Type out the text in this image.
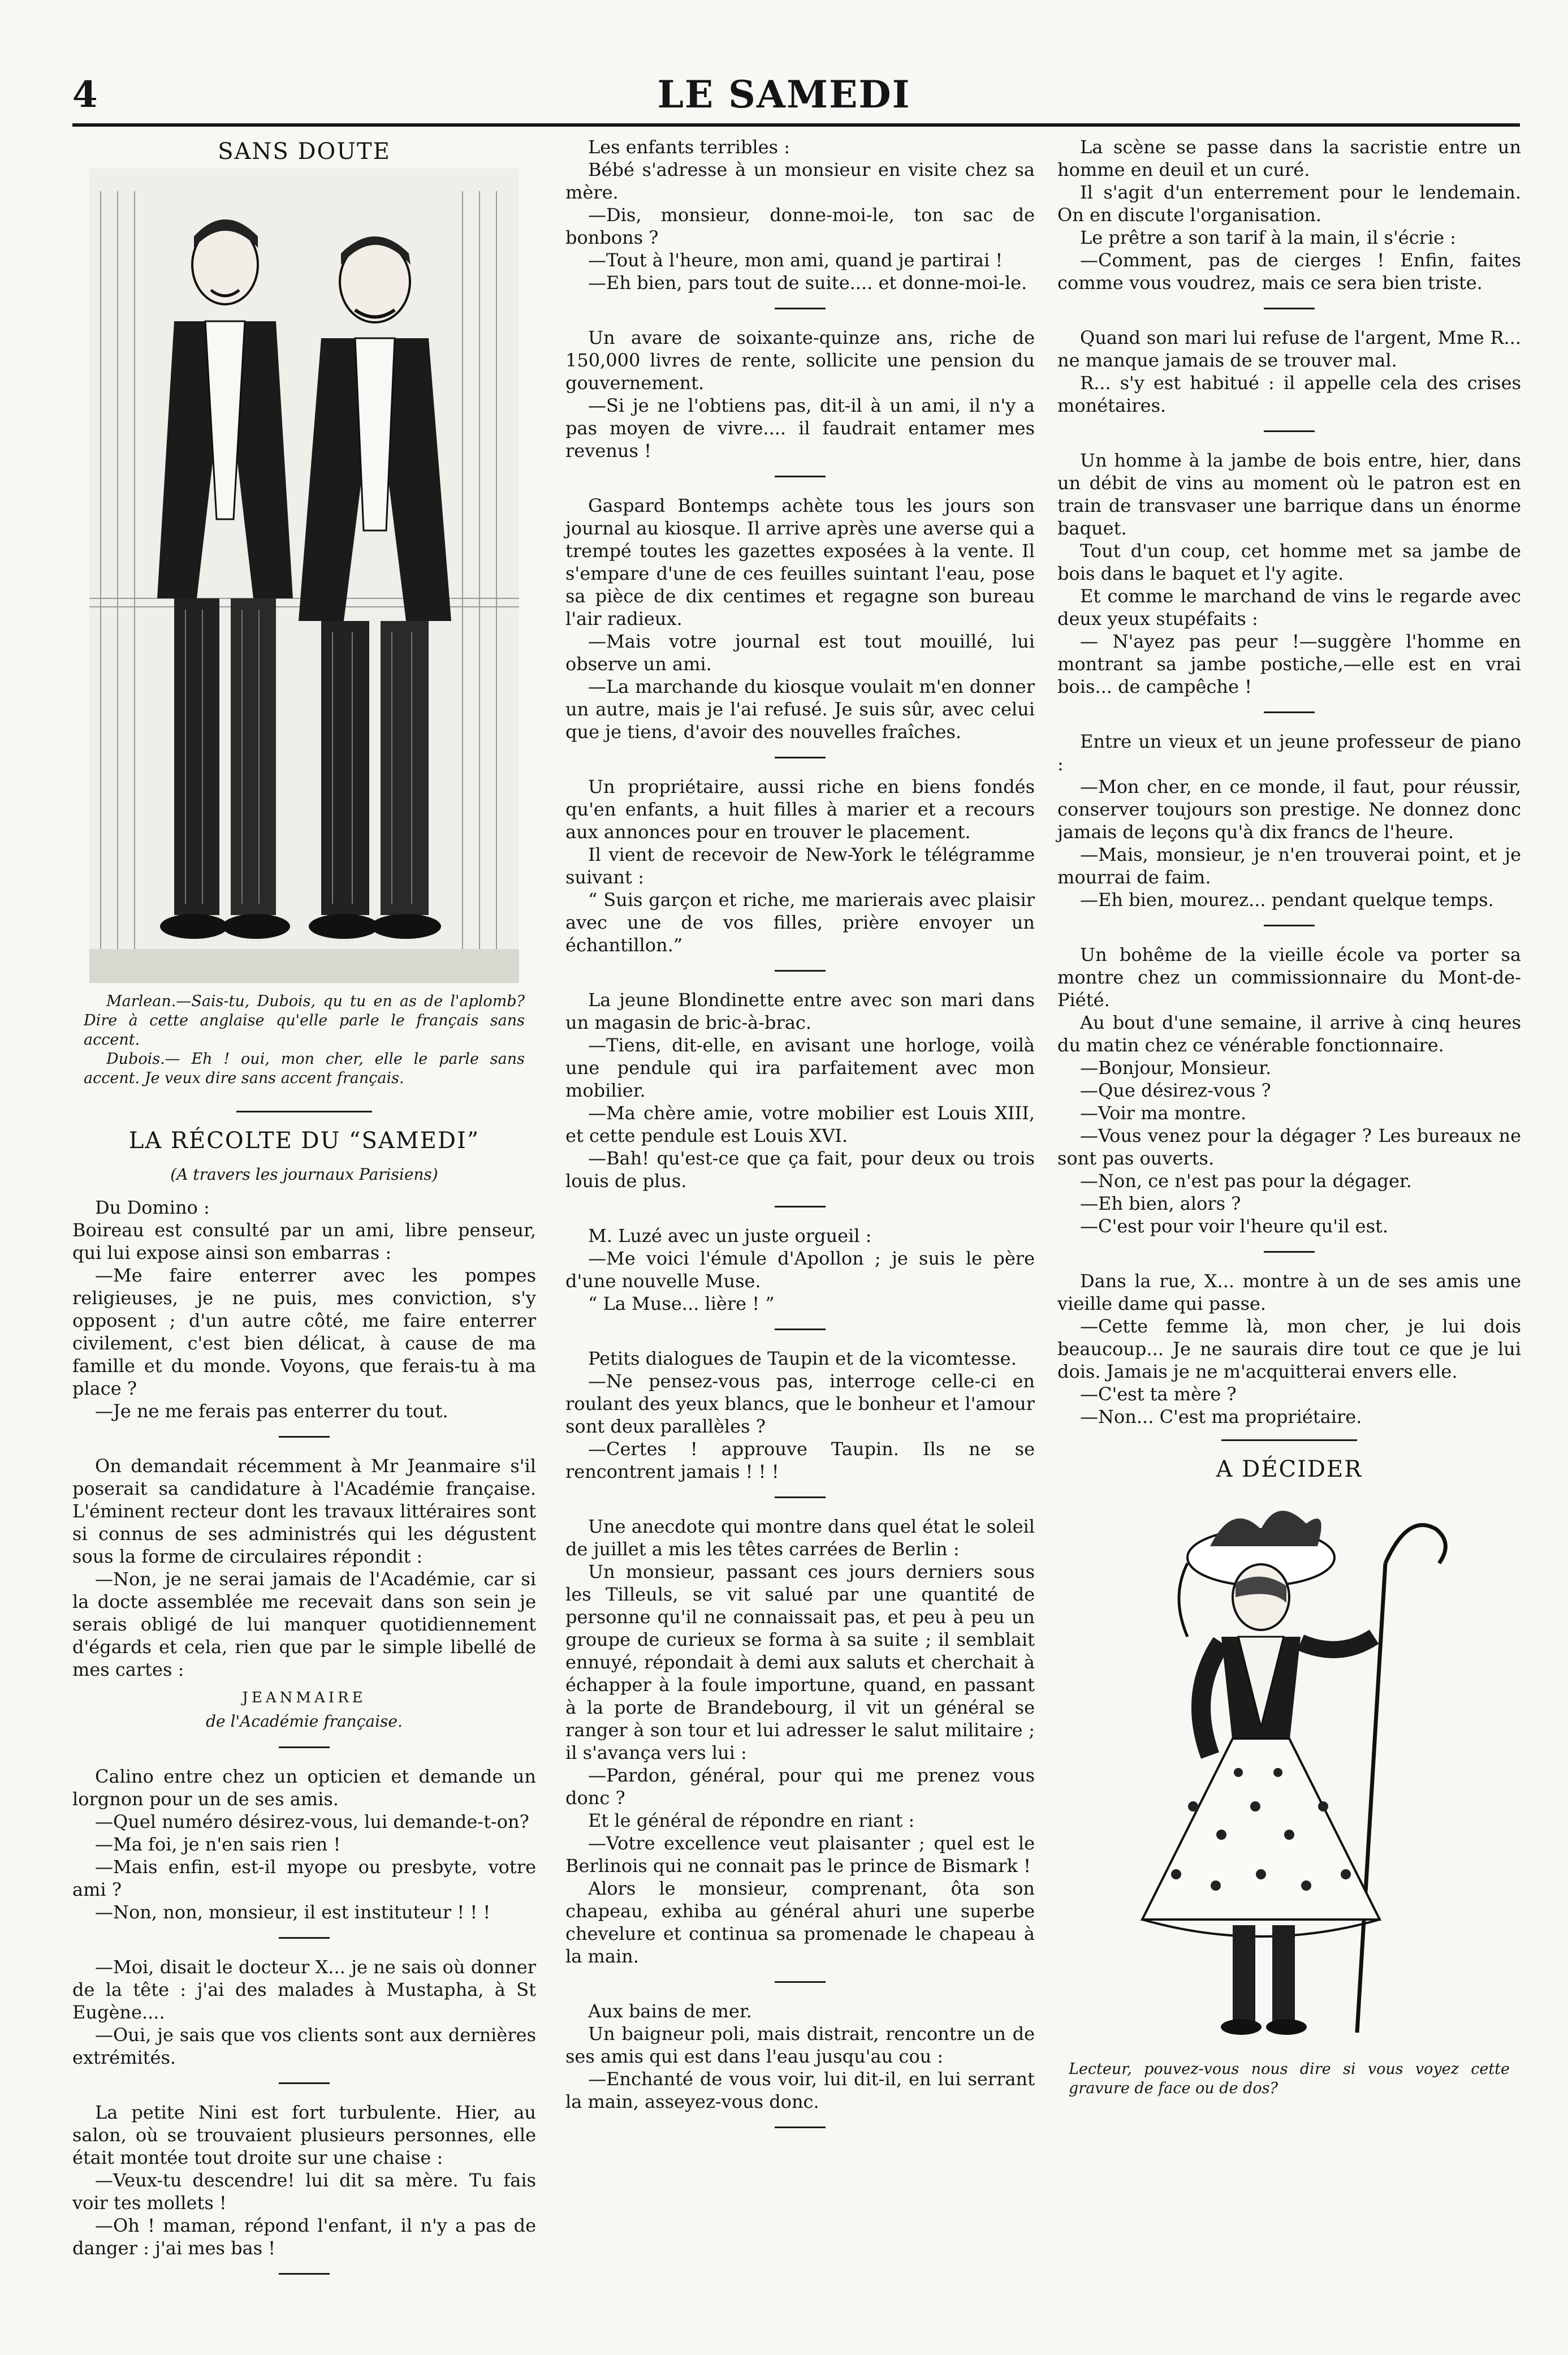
4	LE SAMEDI
SANS DOUTE

Marlean.—Sais-tu, Dubois, qu tu en as de l'aplomb? Dire à cette anglaise qu'elle parle le français sans accent.

Dubois.— Eh ! oui, mon cher, elle le parle sans accent. Je veux dire sans accent français.

LA RÉCOLTE DU “SAMEDI”
(A travers les journaux Parisiens)

Du Domino :

Boireau est consulté par un ami, libre penseur, qui lui expose ainsi son embarras :

—Me faire enterrer avec les pompes religieuses, je ne puis, mes conviction, s'y opposent ; d'un autre côté, me faire enterrer civilement, c'est bien délicat, à cause de ma famille et du monde. Voyons, que ferais-tu à ma place ?

—Je ne me ferais pas enterrer du tout.

On demandait récemment à Mr Jeanmaire s'il poserait sa candidature à l'Académie française. L'éminent recteur dont les travaux littéraires sont si connus de ses administrés qui les dégustent sous la forme de circulaires répondit :

—Non, je ne serai jamais de l'Académie, car si la docte assemblée me recevait dans son sein je serais obligé de lui manquer quotidiennement d'égards et cela, rien que par le simple libellé de mes cartes :

JEANMAIRE
de l'Académie française.

Calino entre chez un opticien et demande un lorgnon pour un de ses amis.

—Quel numéro désirez-vous, lui demande-t-on?

—Ma foi, je n'en sais rien !

—Mais enfin, est-il myope ou presbyte, votre ami ?

—Non, non, monsieur, il est instituteur ! ! !

—Moi, disait le docteur X... je ne sais où donner de la tête : j'ai des malades à Mustapha, à St Eugène....

—Oui, je sais que vos clients sont aux dernières extrémités.

La petite Nini est fort turbulente. Hier, au salon, où se trouvaient plusieurs personnes, elle était montée tout droite sur une chaise :

—Veux-tu descendre! lui dit sa mère. Tu fais voir tes mollets !

—Oh ! maman, répond l'enfant, il n'y a pas de danger : j'ai mes bas !

Les enfants terribles :

Bébé s'adresse à un monsieur en visite chez sa mère.

—Dis, monsieur, donne-moi-le, ton sac de bonbons ?

—Tout à l'heure, mon ami, quand je partirai !

—Eh bien, pars tout de suite.... et donne-moi-le.

Un avare de soixante-quinze ans, riche de 150,000 livres de rente, sollicite une pension du gouvernement.

—Si je ne l'obtiens pas, dit-il à un ami, il n'y a pas moyen de vivre.... il faudrait entamer mes revenus !

Gaspard Bontemps achète tous les jours son journal au kiosque. Il arrive après une averse qui a trempé toutes les gazettes exposées à la vente. Il s'empare d'une de ces feuilles suintant l'eau, pose sa pièce de dix centimes et regagne son bureau l'air radieux.

—Mais votre journal est tout mouillé, lui observe un ami.

—La marchande du kiosque voulait m'en donner un autre, mais je l'ai refusé. Je suis sûr, avec celui que je tiens, d'avoir des nouvelles fraîches.

Un propriétaire, aussi riche en biens fondés qu'en enfants, a huit filles à marier et a recours aux annonces pour en trouver le placement.

Il vient de recevoir de New-York le télégramme suivant :

“ Suis garçon et riche, me marierais avec plaisir avec une de vos filles, prière envoyer un échantillon.”

La jeune Blondinette entre avec son mari dans un magasin de bric-à-brac.

—Tiens, dit-elle, en avisant une horloge, voilà une pendule qui ira parfaitement avec mon mobilier.

—Ma chère amie, votre mobilier est Louis XIII, et cette pendule est Louis XVI.

—Bah! qu'est-ce que ça fait, pour deux ou trois louis de plus.

M. Luzé avec un juste orgueil :

—Me voici l'émule d'Apollon ; je suis le père d'une nouvelle Muse.

“ La Muse... lière ! ”

Petits dialogues de Taupin et de la vicomtesse.

—Ne pensez-vous pas, interroge celle-ci en roulant des yeux blancs, que le bonheur et l'amour sont deux parallèles ?

—Certes ! approuve Taupin. Ils ne se rencontrent jamais ! ! !

Une anecdote qui montre dans quel état le soleil de juillet a mis les têtes carrées de Berlin :

Un monsieur, passant ces jours derniers sous les Tilleuls, se vit salué par une quantité de personne qu'il ne connaissait pas, et peu à peu un groupe de curieux se forma à sa suite ; il semblait ennuyé, répondait à demi aux saluts et cherchait à échapper à la foule importune, quand, en passant à la porte de Brandebourg, il vit un général se ranger à son tour et lui adresser le salut militaire ; il s'avança vers lui :

—Pardon, général, pour qui me prenez vous donc ?

Et le général de répondre en riant :

—Votre excellence veut plaisanter ; quel est le Berlinois qui ne connait pas le prince de Bismark !

Alors le monsieur, comprenant, ôta son chapeau, exhiba au général ahuri une superbe chevelure et continua sa promenade le chapeau à la main.

Aux bains de mer.

Un baigneur poli, mais distrait, rencontre un de ses amis qui est dans l'eau jusqu'au cou :

—Enchanté de vous voir, lui dit-il, en lui serrant la main, asseyez-vous donc.

La scène se passe dans la sacristie entre un homme en deuil et un curé.

Il s'agit d'un enterrement pour le lendemain. On en discute l'organisation.

Le prêtre a son tarif à la main, il s'écrie :

—Comment, pas de cierges ! Enfin, faites comme vous voudrez, mais ce sera bien triste.

Quand son mari lui refuse de l'argent, Mme R... ne manque jamais de se trouver mal.

R... s'y est habitué : il appelle cela des crises monétaires.

Un homme à la jambe de bois entre, hier, dans un débit de vins au moment où le patron est en train de transvaser une barrique dans un énorme baquet.

Tout d'un coup, cet homme met sa jambe de bois dans le baquet et l'y agite.

Et comme le marchand de vins le regarde avec deux yeux stupéfaits :

— N'ayez pas peur !—suggère l'homme en montrant sa jambe postiche,—elle est en vrai bois... de campêche !

Entre un vieux et un jeune professeur de piano :

—Mon cher, en ce monde, il faut, pour réussir, conserver toujours son prestige. Ne donnez donc jamais de leçons qu'à dix francs de l'heure.

—Mais, monsieur, je n'en trouverai point, et je mourrai de faim.

—Eh bien, mourez... pendant quelque temps.

Un bohême de la vieille école va porter sa montre chez un commissionnaire du Mont-de-Piété.

Au bout d'une semaine, il arrive à cinq heures du matin chez ce vénérable fonctionnaire.

—Bonjour, Monsieur.

—Que désirez-vous ?

—Voir ma montre.

—Vous venez pour la dégager ? Les bureaux ne sont pas ouverts.

—Non, ce n'est pas pour la dégager.

—Eh bien, alors ?

—C'est pour voir l'heure qu'il est.

Dans la rue, X... montre à un de ses amis une vieille dame qui passe.

—Cette femme là, mon cher, je lui dois beaucoup... Je ne saurais dire tout ce que je lui dois. Jamais je ne m'acquitterai envers elle.

—C'est ta mère ?

—Non... C'est ma propriétaire.

A DÉCIDER
Lecteur, pouvez-vous nous dire si vous voyez cette gravure de face ou de dos?
